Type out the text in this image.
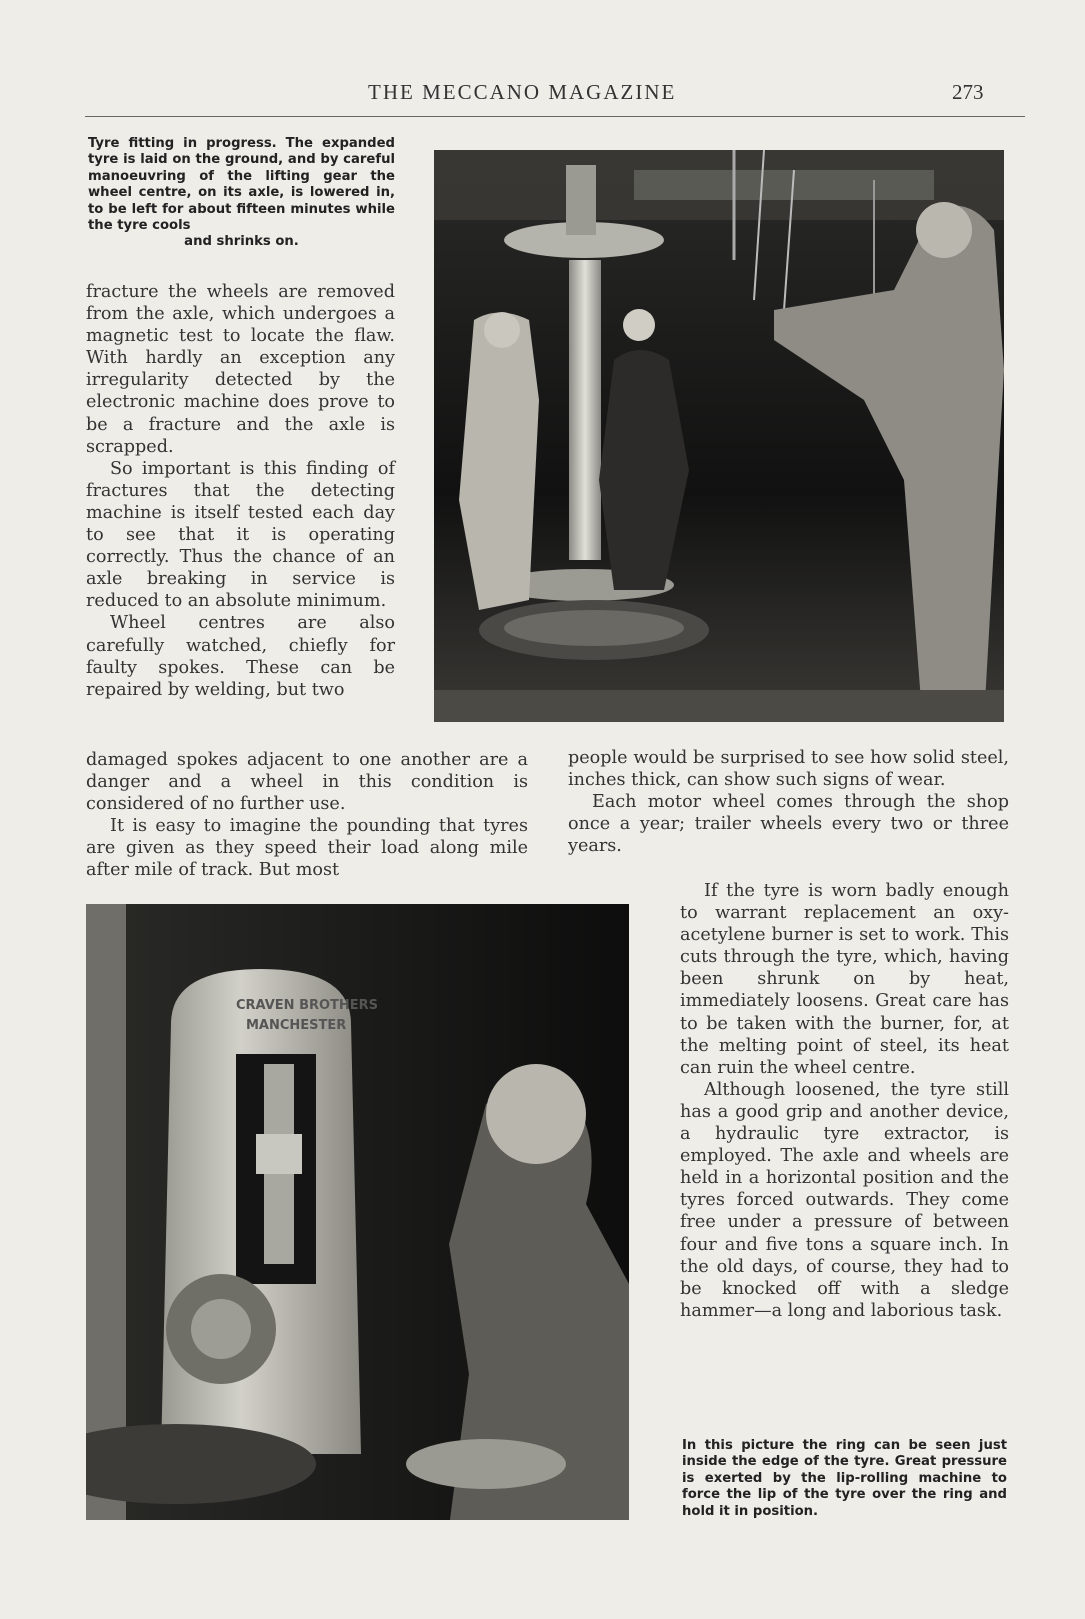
THE MECCANO MAGAZINE	273
Tyre fitting in progress. The expanded tyre is laid on the ground, and by careful manoeuvring of the lifting gear the wheel centre, on its axle, is lowered in, to be left for about fifteen minutes while the tyre cools
and shrinks on.

fracture the wheels are removed from the axle, which undergoes a magnetic test to locate the flaw. With hardly an exception any irregularity detected by the electronic machine does prove to be a fracture and the axle is scrapped.

So important is this finding of fractures that the detecting machine is itself tested each day to see that it is operating correctly. Thus the chance of an axle breaking in service is reduced to an absolute minimum.

Wheel centres are also carefully watched, chiefly for faulty spokes. These can be repaired by welding, but two

damaged spokes adjacent to one another are a danger and a wheel in this condition is considered of no further use.

It is easy to imagine the pounding that tyres are given as they speed their load along mile after mile of track. But most

people would be surprised to see how solid steel, inches thick, can show such signs of wear.

Each motor wheel comes through the shop once a year; trailer wheels every two or three years.

CRAVEN BROTHERS
MANCHESTER

If the tyre is worn badly enough to warrant replacement an oxy-acetylene burner is set to work. This cuts through the tyre, which, having been shrunk on by heat, immediately loosens. Great care has to be taken with the burner, for, at the melting point of steel, its heat can ruin the wheel centre.

Although loosened, the tyre still has a good grip and another device, a hydraulic tyre extractor, is employed. The axle and wheels are held in a horizontal position and the tyres forced outwards. They come free under a pressure of between four and five tons a square inch. In the old days, of course, they had to be knocked off with a sledge hammer—a long and laborious task.

In this picture the ring can be seen just inside the edge of the tyre. Great pressure is exerted by the lip-rolling machine to force the lip of the tyre over the ring and hold it in position.
